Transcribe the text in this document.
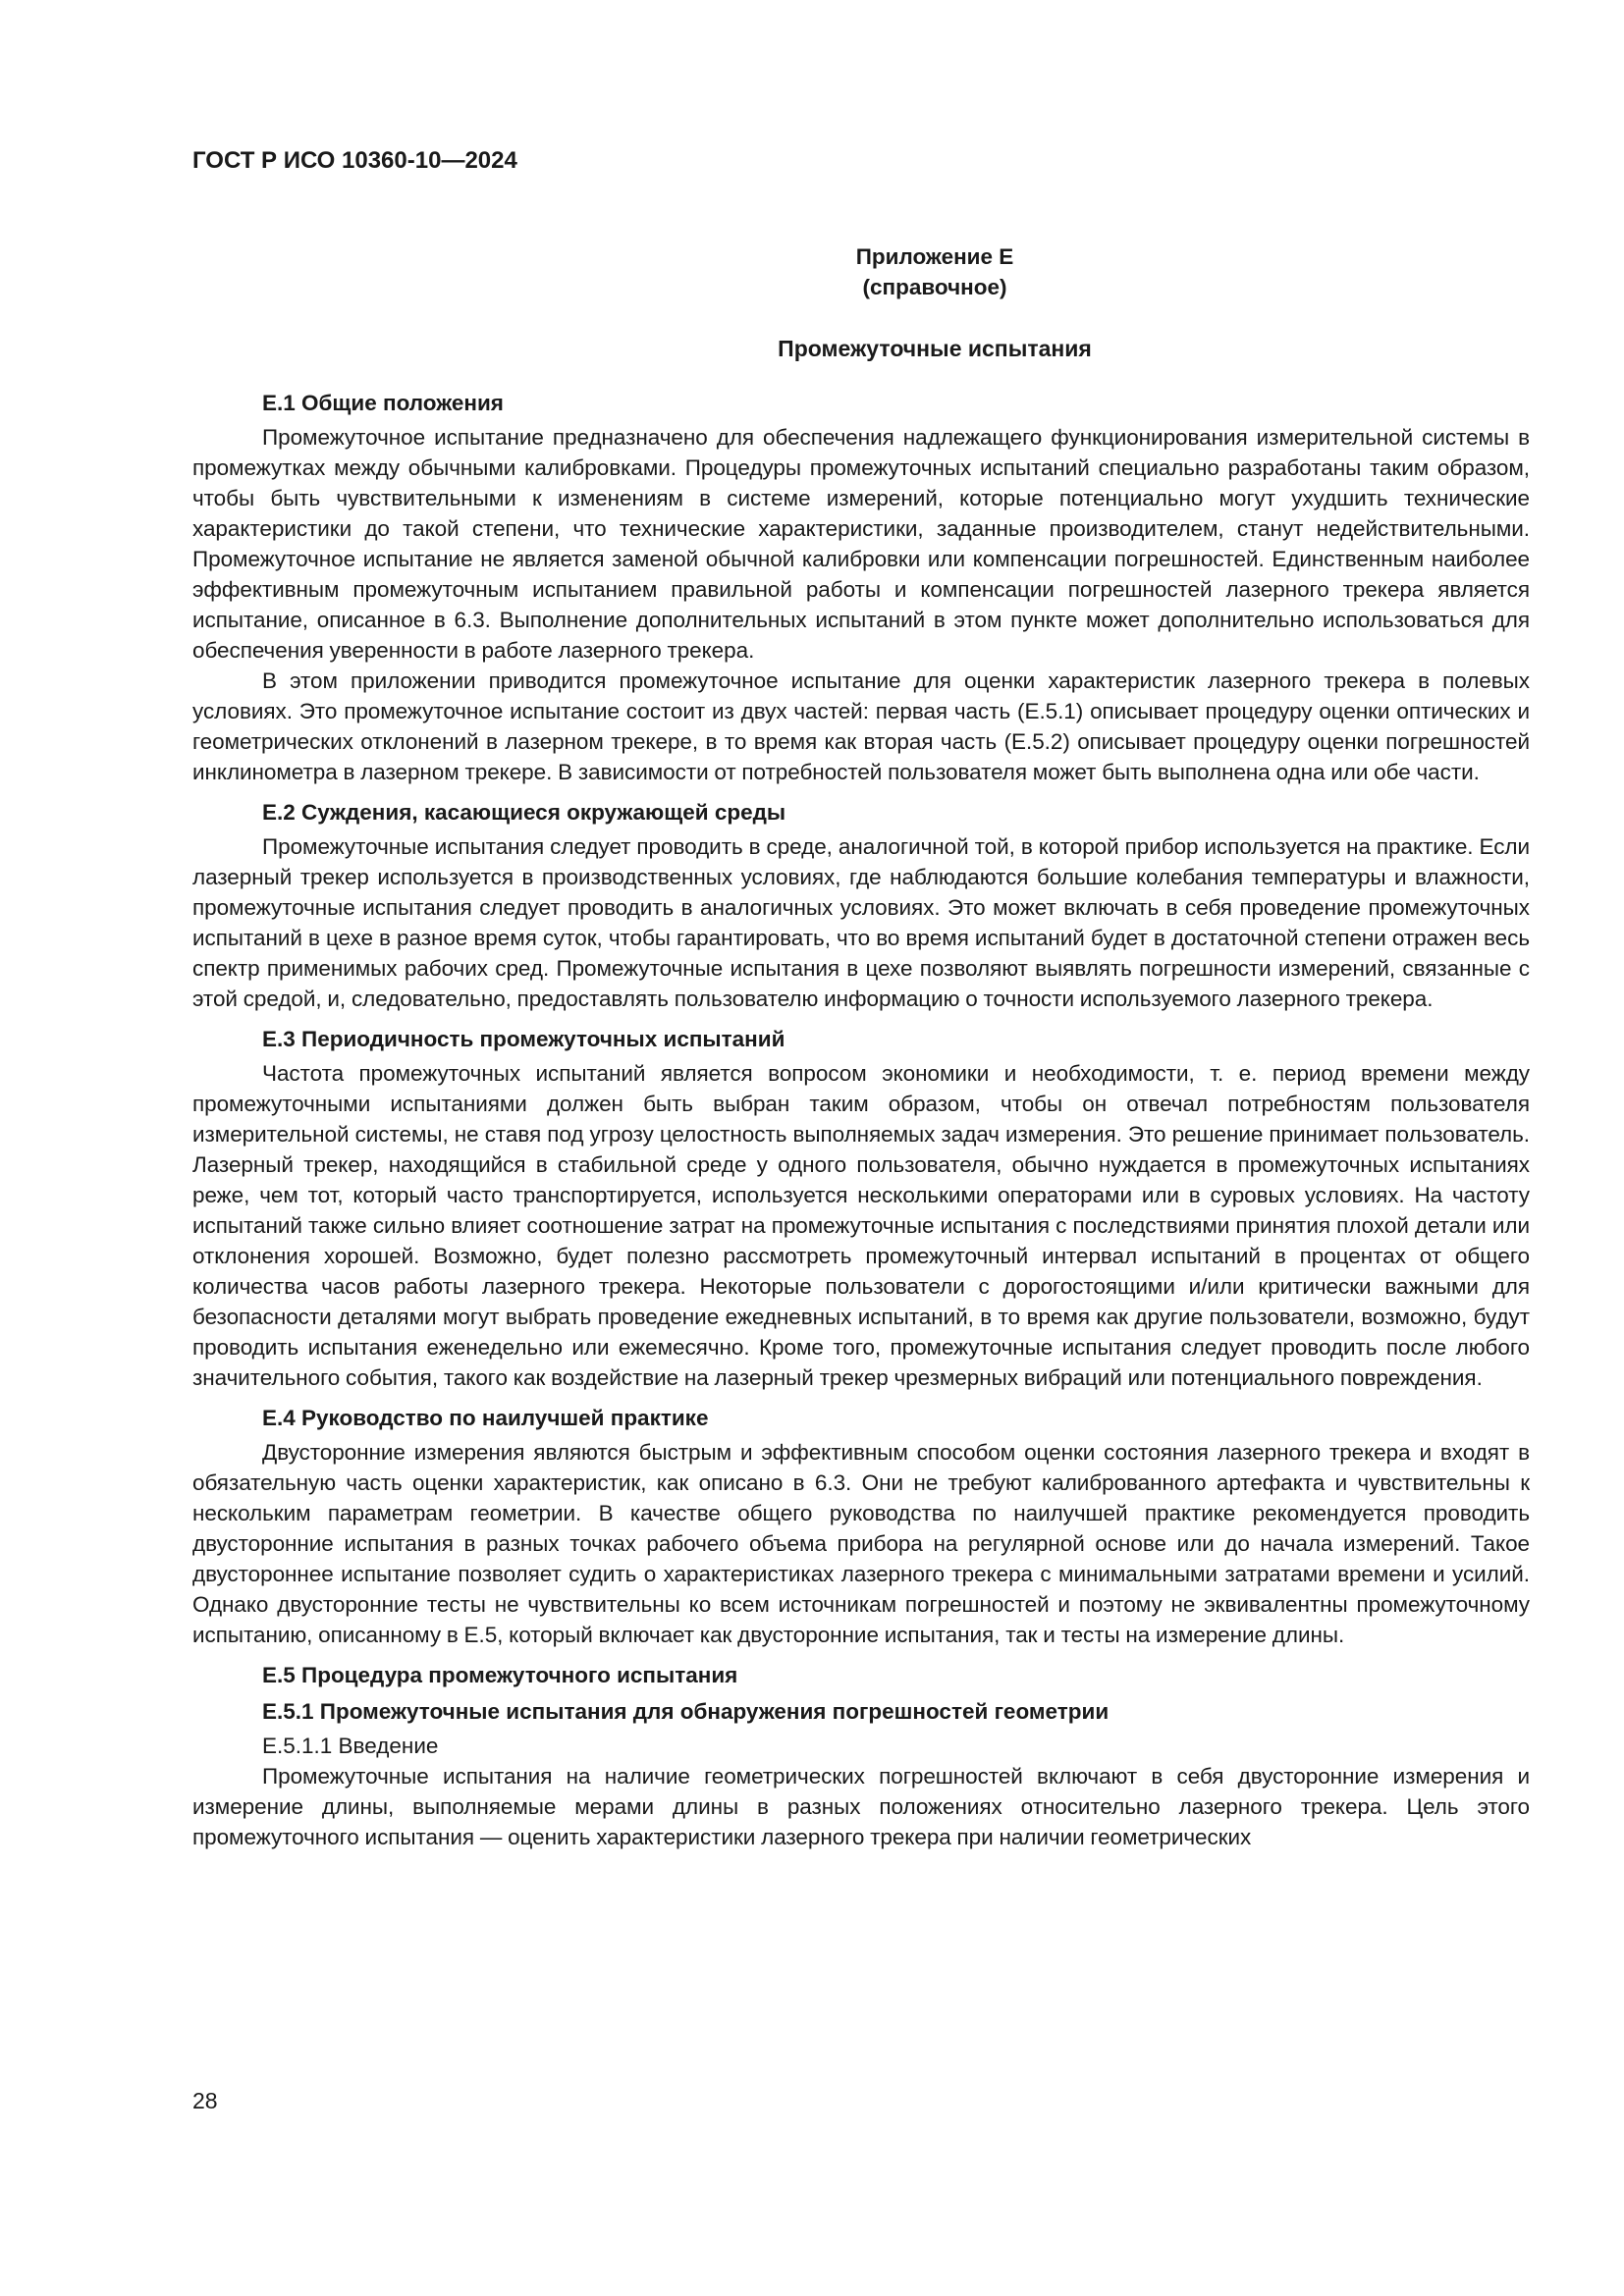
ГОСТ Р ИСО 10360-10—2024
Приложение Е
(справочное)
Промежуточные испытания
Е.1 Общие положения

Промежуточное испытание предназначено для обеспечения надлежащего функционирования измерительной системы в промежутках между обычными калибровками. Процедуры промежуточных испытаний специально разработаны таким образом, чтобы быть чувствительными к изменениям в системе измерений, которые потенциально могут ухудшить технические характеристики до такой степени, что технические характеристики, заданные производителем, станут недействительными. Промежуточное испытание не является заменой обычной калибровки или компенсации погрешностей. Единственным наиболее эффективным промежуточным испытанием правильной работы и компенсации погрешностей лазерного трекера является испытание, описанное в 6.3. Выполнение дополнительных испытаний в этом пункте может дополнительно использоваться для обеспечения уверенности в работе лазерного трекера.

В этом приложении приводится промежуточное испытание для оценки характеристик лазерного трекера в полевых условиях. Это промежуточное испытание состоит из двух частей: первая часть (Е.5.1) описывает процедуру оценки оптических и геометрических отклонений в лазерном трекере, в то время как вторая часть (Е.5.2) описывает процедуру оценки погрешностей инклинометра в лазерном трекере. В зависимости от потребностей пользователя может быть выполнена одна или обе части.

Е.2 Суждения, касающиеся окружающей среды

Промежуточные испытания следует проводить в среде, аналогичной той, в которой прибор используется на практике. Если лазерный трекер используется в производственных условиях, где наблюдаются большие колебания температуры и влажности, промежуточные испытания следует проводить в аналогичных условиях. Это может включать в себя проведение промежуточных испытаний в цехе в разное время суток, чтобы гарантировать, что во время испытаний будет в достаточной степени отражен весь спектр применимых рабочих сред. Промежуточные испытания в цехе позволяют выявлять погрешности измерений, связанные с этой средой, и, следовательно, предоставлять пользователю информацию о точности используемого лазерного трекера.

Е.3 Периодичность промежуточных испытаний

Частота промежуточных испытаний является вопросом экономики и необходимости, т. е. период времени между промежуточными испытаниями должен быть выбран таким образом, чтобы он отвечал потребностям пользователя измерительной системы, не ставя под угрозу целостность выполняемых задач измерения. Это решение принимает пользователь. Лазерный трекер, находящийся в стабильной среде у одного пользователя, обычно нуждается в промежуточных испытаниях реже, чем тот, который часто транспортируется, используется несколькими операторами или в суровых условиях. На частоту испытаний также сильно влияет соотношение затрат на промежуточные испытания с последствиями принятия плохой детали или отклонения хорошей. Возможно, будет полезно рассмотреть промежуточный интервал испытаний в процентах от общего количества часов работы лазерного трекера. Некоторые пользователи с дорогостоящими и/или критически важными для безопасности деталями могут выбрать проведение ежедневных испытаний, в то время как другие пользователи, возможно, будут проводить испытания еженедельно или ежемесячно. Кроме того, промежуточные испытания следует проводить после любого значительного события, такого как воздействие на лазерный трекер чрезмерных вибраций или потенциального повреждения.

Е.4 Руководство по наилучшей практике

Двусторонние измерения являются быстрым и эффективным способом оценки состояния лазерного трекера и входят в обязательную часть оценки характеристик, как описано в 6.3. Они не требуют калиброванного артефакта и чувствительны к нескольким параметрам геометрии. В качестве общего руководства по наилучшей практике рекомендуется проводить двусторонние испытания в разных точках рабочего объема прибора на регулярной основе или до начала измерений. Такое двустороннее испытание позволяет судить о характеристиках лазерного трекера с минимальными затратами времени и усилий. Однако двусторонние тесты не чувствительны ко всем источникам погрешностей и поэтому не эквивалентны промежуточному испытанию, описанному в Е.5, который включает как двусторонние испытания, так и тесты на измерение длины.

Е.5 Процедура промежуточного испытания
Е.5.1 Промежуточные испытания для обнаружения погрешностей геометрии
Е.5.1.1 Введение

Промежуточные испытания на наличие геометрических погрешностей включают в себя двусторонние измерения и измерение длины, выполняемые мерами длины в разных положениях относительно лазерного трекера. Цель этого промежуточного испытания — оценить характеристики лазерного трекера при наличии геометрических

28
